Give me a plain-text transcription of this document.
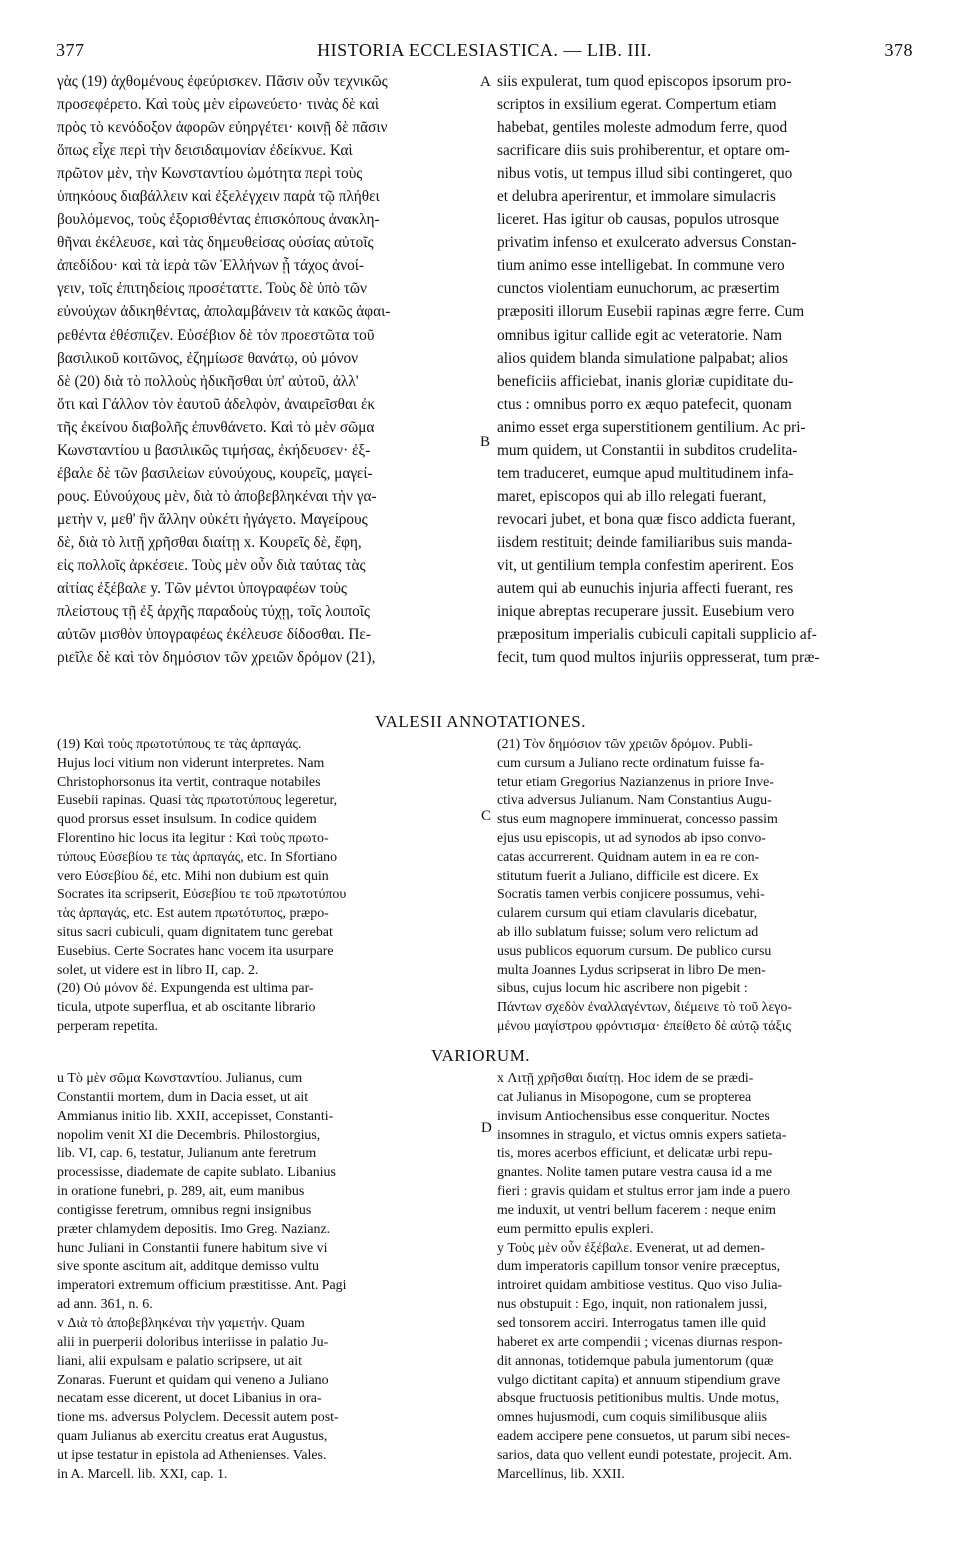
377	HISTORIA ECCLESIASTICA. — LIB. III.	378
A
B
C
D
γὰς (19) ἀχθομένους ἐφεύρισκεν. Πᾶσιν οὖν τεχνικῶς
προσεφέρετο. Καὶ τοὺς μὲν εἰρωνεύετο· τινὰς δὲ καὶ
πρὸς τὸ κενόδοξον ἀφορῶν εὐηργέτει· κοινῇ δὲ πᾶσιν
ὅπως εἶχε περὶ τὴν δεισιδαιμονίαν ἐδείκνυε. Καὶ
πρῶτον μὲν, τὴν Κωνσταντίου ὠμότητα περὶ τοὺς
ὑπηκόους διαβάλλειν καὶ ἐξελέγχειν παρὰ τῷ πλήθει
βουλόμενος, τοὺς ἐξορισθέντας ἐπισκόπους ἀνακλη-
θῆναι ἐκέλευσε, καὶ τὰς δημευθείσας οὐσίας αὐτοῖς
ἀπεδίδου· καὶ τὰ ἱερὰ τῶν Ἑλλήνων ᾗ τάχος ἀνοί-
γειν, τοῖς ἐπιτηδείοις προσέταττε. Τοὺς δὲ ὑπὸ τῶν
εὐνούχων ἀδικηθέντας, ἀπολαμβάνειν τὰ κακῶς ἀφαι-
ρεθέντα ἐθέσπιζεν. Εὐσέβιον δὲ τὸν προεστῶτα τοῦ
βασιλικοῦ κοιτῶνος, ἐζημίωσε θανάτῳ, οὐ μόνον
δὲ (20) διὰ τὸ πολλοὺς ἠδικῆσθαι ὑπ' αὐτοῦ, ἀλλ'
ὅτι καὶ Γάλλον τὸν ἑαυτοῦ ἀδελφὸν, ἀναιρεῖσθαι ἐκ
τῆς ἐκείνου διαβολῆς ἐπυνθάνετο. Καὶ τὸ μὲν σῶμα
Κωνσταντίου u βασιλικῶς τιμήσας, ἐκήδευσεν· ἐξ-
έβαλε δὲ τῶν βασιλείων εὐνούχους, κουρεῖς, μαγεί-
ρους. Εὐνούχους μὲν, διὰ τὸ ἀποβεβληκέναι τὴν γα-
μετὴν v, μεθ' ἣν ἄλλην οὐκέτι ἠγάγετο. Μαγείρους
δὲ, διὰ τὸ λιτῇ χρῆσθαι διαίτῃ x. Κουρεῖς δὲ, ἔφη,
εἰς πολλοῖς ἀρκέσειε. Τοὺς μὲν οὖν διὰ ταύτας τὰς
αἰτίας ἐξέβαλε y. Τῶν μέντοι ὑπογραφέων τοὺς
πλείστους τῇ ἐξ ἀρχῆς παραδοὺς τύχῃ, τοῖς λοιποῖς
αὐτῶν μισθὸν ὑπογραφέως ἐκέλευσε δίδοσθαι. Πε-
ριεῖλε δὲ καὶ τὸν δημόσιον τῶν χρειῶν δρόμον (21),
siis expulerat, tum quod episcopos ipsorum pro-
scriptos in exsilium egerat. Compertum etiam
habebat, gentiles moleste admodum ferre, quod
sacrificare diis suis prohiberentur, et optare om-
nibus votis, ut tempus illud sibi contingeret, quo
et delubra aperirentur, et immolare simulacris
liceret. Has igitur ob causas, populos utrosque
privatim infenso et exulcerato adversus Constan-
tium animo esse intelligebat. In commune vero
cunctos violentiam eunuchorum, ac præsertim
præpositi illorum Eusebii rapinas ægre ferre. Cum
omnibus igitur callide egit ac veteratorie. Nam
alios quidem blanda simulatione palpabat; alios
beneficiis afficiebat, inanis gloriæ cupiditate du-
ctus : omnibus porro ex æquo patefecit, quonam
animo esset erga superstitionem gentilium. Ac pri-
mum quidem, ut Constantii in subditos crudelita-
tem traduceret, eumque apud multitudinem infa-
maret, episcopos qui ab illo relegati fuerant,
revocari jubet, et bona quæ fisco addicta fuerant,
iisdem restituit; deinde familiaribus suis manda-
vit, ut gentilium templa confestim aperirent. Eos
autem qui ab eunuchis injuria affecti fuerant, res
inique abreptas recuperare jussit. Eusebium vero
præpositum imperialis cubiculi capitali supplicio af-
fecit, tum quod multos injuriis oppresserat, tum præ-
VALESII ANNOTATIONES.
(19) Καὶ τοὺς πρωτοτύπους τε τὰς ἁρπαγάς.
Hujus loci vitium non viderunt interpretes. Nam
Christophorsonus ita vertit, contraque notabiles
Eusebii rapinas. Quasi τὰς πρωτοτύπους legeretur,
quod prorsus esset insulsum. In codice quidem
Florentino hic locus ita legitur : Καὶ τοὺς πρωτο-
τύπους Εὐσεβίου τε τὰς ἁρπαγάς, etc. In Sfortiano
vero Εὐσεβίου δέ, etc. Mihi non dubium est quin
Socrates ita scripserit, Εὐσεβίου τε τοῦ πρωτοτύπου
τὰς ἁρπαγάς, etc. Est autem πρωτότυπος, præpo-
situs sacri cubiculi, quam dignitatem tunc gerebat
Eusebius. Certe Socrates hanc vocem ita usurpare
solet, ut videre est in libro II, cap. 2.
(20) Οὐ μόνον δέ. Expungenda est ultima par-
ticula, utpote superflua, et ab oscitante librario
perperam repetita.
(21) Τὸν δημόσιον τῶν χρειῶν δρόμον. Publi-
cum cursum a Juliano recte ordinatum fuisse fa-
tetur etiam Gregorius Nazianzenus in priore Inve-
ctiva adversus Julianum. Nam Constantius Augu-
stus eum magnopere imminuerat, concesso passim
ejus usu episcopis, ut ad synodos ab ipso convo-
catas accurrerent. Quidnam autem in ea re con-
stitutum fuerit a Juliano, difficile est dicere. Ex
Socratis tamen verbis conjicere possumus, vehi-
cularem cursum qui etiam clavularis dicebatur,
ab illo sublatum fuisse; solum vero relictum ad
usus publicos equorum cursum. De publico cursu
multa Joannes Lydus scripserat in libro De men-
sibus, cujus locum hic ascribere non pigebit :
Πάντων σχεδὸν ἐναλλαγέντων, διέμεινε τὸ τοῦ λεγο-
μένου μαγίστρου φρόντισμα· ἐπείθετο δὲ αὐτῷ τάξις
VARIORUM.
u Τὸ μὲν σῶμα Κωνσταντίου. Julianus, cum
Constantii mortem, dum in Dacia esset, ut ait
Ammianus initio lib. XXII, accepisset, Constanti-
nopolim venit XI die Decembris. Philostorgius,
lib. VI, cap. 6, testatur, Julianum ante feretrum
processisse, diademate de capite sublato. Libanius
in oratione funebri, p. 289, ait, eum manibus
contigisse feretrum, omnibus regni insignibus
præter chlamydem depositis. Imo Greg. Nazianz.
hunc Juliani in Constantii funere habitum sive vi
sive sponte ascitum ait, additque demisso vultu
imperatori extremum officium præstitisse. Ant. Pagi
ad ann. 361, n. 6.
v Διὰ τὸ ἀποβεβληκέναι τὴν γαμετήν. Quam
alii in puerperii doloribus interiisse in palatio Ju-
liani, alii expulsam e palatio scripsere, ut ait
Zonaras. Fuerunt et quidam qui veneno a Juliano
necatam esse dicerent, ut docet Libanius in ora-
tione ms. adversus Polyclem. Decessit autem post-
quam Julianus ab exercitu creatus erat Augustus,
ut ipse testatur in epistola ad Athenienses. Vales.
in A. Marcell. lib. XXI, cap. 1.
x Λιτῇ χρῆσθαι διαίτῃ. Hoc idem de se prædi-
cat Julianus in Misopogone, cum se propterea
invisum Antiochensibus esse conqueritur. Noctes
insomnes in stragulo, et victus omnis expers satieta-
tis, mores acerbos efficiunt, et delicatæ urbi repu-
gnantes. Nolite tamen putare vestra causa id a me
fieri : gravis quidam et stultus error jam inde a puero
me induxit, ut ventri bellum facerem : neque enim
eum permitto epulis expleri.
y Τοὺς μὲν οὖν ἐξέβαλε. Evenerat, ut ad demen-
dum imperatoris capillum tonsor venire præceptus,
introiret quidam ambitiose vestitus. Quo viso Julia-
nus obstupuit : Ego, inquit, non rationalem jussi,
sed tonsorem acciri. Interrogatus tamen ille quid
haberet ex arte compendii ; vicenas diurnas respon-
dit annonas, totidemque pabula jumentorum (quæ
vulgo dictitant capita) et annuum stipendium grave
absque fructuosis petitionibus multis. Unde motus,
omnes hujusmodi, cum coquis similibusque aliis
eadem accipere pene consuetos, ut parum sibi neces-
sarios, data quo vellent eundi potestate, projecit. Am.
Marcellinus, lib. XXII.
